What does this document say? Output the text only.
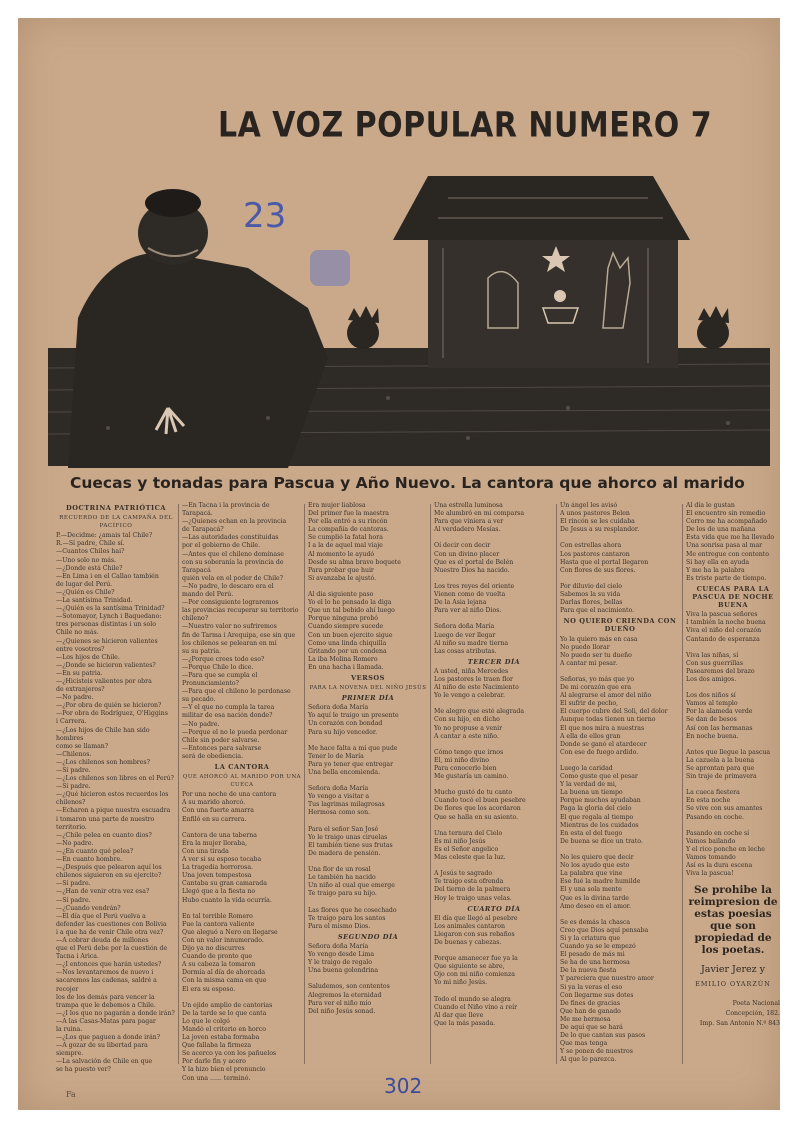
LA VOZ POPULAR NUMERO 7
23
Cuecas y tonadas para Pascua y Año Nuevo. La cantora que ahorco al marido
DOCTRINA PATRIÓTICA
RECUERDO DE LA CAMPAÑA DEL PACÍFICO

P.—Decidme: ¿amais tal Chile?
R.—Sí padre, Chile sí.
—Cuantos Chiles hai?
—Uno solo no más.
—¿Donde está Chile?
—En Lima i en el Callao también
de lugar del Perú.
—¿Quién es Chile?
—La santísima Trinidad.
—¿Quién es la santísima Trinidad?
—Sotomayor, Lynch i Baquedano:
tres personas distintas i un solo
Chile no más.
—¿Quienes se hicieron valientes
entre vosotros?
—Los hijos de Chile.
—¿Donde se hicieron valientes?
—En su patria.
—¿Hicisteis valientes por obra
de extranjeros?
—No padre.
—¿Por obra de quién se hicieron?
—Por obra de Rodríguez, O'Higgins
i Carrera.
—¿Los hijos de Chile han sido hombres
como se llaman?
—Chilenos.
—¿Los chilenos son hombres?
—Sí padre.
—¿Los chilenos son libres en el Perú?
—Sí padre.
—¿Qué hicieron estos recuerdos los chilenos?
—Echaron a pique nuestra escuadra
i tomaron una parte de nuestro territorio.
—¿Chile pelea en cuanto dios?
—No padre.
—¿En cuanto qué pelea?
—En cuanto hombre.
—¿Después que pelearon aquí los
chilenos siguieron en su ejercito?
—Sí padre.
—¿Han de venir otra vez esa?
—Sí padre.
—¿Cuando vendrán?
—El día que el Perú vuelva a
defender las cuestiones con Bolivia
i a que ha de venir Chile otra vez?
—A cobrar deuda de millones
que el Perú debe por la cuestión de
Tacna i Arica.
—¿I entonces que harán ustedes?
—Nos levantaremos de nuevo i
sacaremos las cadenas, saldré a recojer
los de los demás para vencer la
trampa que le debemos a Chile.
—¿I los que no pagarán a donde irán?
—A las Casas-Matas para pagar
la ruina.
—¿Los que paguen a donde irán?
—A gozar de su libertad para
siempre.
—La salvación de Chile en que
se ha puesto ver?

—En Tacna i la provincia de Tarapacá.
—¿Quienes echan en la provincia
de Tarapacá?
—Las autoridades constituidas
por el gobierno de Chile.
—Antes que el chileno dominase
con su soberanía la provincia de Tarapacá
quién vela en el poder de Chile?
—No padre, lo descaro era el
mando del Perú.
—Por consiguiente lograremos
las provincias recuperar su territorio
chileno?
—Nuestro valor no sufriremos
fin de Tarma i Arequipa, ese sin que
los chilenos se pelearan en mí
su su patria.
—¿Porque crees todo eso?
—Porque Chile lo dice.
—Para que se cumpla el Pronunciamiento?
—Para que el chileno le perdonase
su pecado.
—Y el que no cumpla la tarea
militar de esa nación donde?
—No padre.
—Porque el no le pueda perdonar
Chile sin poder salvarse.
—Entonces para salvarse
será de obediencia.

LA CANTORA
QUE AHORCÓ AL MARIDO POR UNA CUECA

Por una noche de una cantora
A su marido ahorcó.
Con una fuerte amarra
Enfiló en su carrera.

Cantora de una taberna
Era la mujer lloraba,
Con una tirada
A ver si su esposo tocaba
La tragedia horrorosa.
Una joven tempestosa
Cantaba su gran camarada
Llegó que a la fiesta no
Hubo cuanto la vida ocurría.

En tal terrible Romero
Fue la cantora valiente
Que aleguó a Nero en llegarse
Con un valor innumerado.
Dijo ya no discurres
Cuando de pronto que
A su cabeza la tomaron
Dormía al día de ahorcada
Con la misma cama en que
El era su esposo.

Un ejido amplio de cantorias
De la tarde se lo que canta
Lo que le colgó
Mandó el criterio en horco
La joven estaba formaba
Que fallaba la firmeza
Se acerco ya con los pañuelos
Por darle fin y acero
Y la hizo bien el pronuncio
Con una ...... terminó.

Era mujer liablosa
Del primer fue la maestra
Por ella entró a su rincón
La compañía de cantoras.
Se cumplió la fatal hora
I a la de aquel mal viaje
Al momento le ayudó
Desde su alma bravo boquete
Para probar que huir
Si avanzaba le ajustó.

Al dia siguiente paso
Yo el lo he pensado la diga
Que un tal bebido ahí luego
Porque ninguna probó
Cuando siempre sucede
Con un buen ejercito sigue
Como una linda chiquilla
Gritando por un condena
La iba Molina Romero
En una hacha i llamada.

VERSOS
PARA LA NOVENA DEL NIÑO JESÚS
PRIMER DÍA

Señora doña María
Yo aquí le traigo un presente
Un corazón con bondad
Para su hijo vencedor.

Me hace falta a mí que pude
Tener lo de María
Para yo tener que entregar
Una bella encomienda.

Señora doña María
Yo vengo a visitar a
Tus lagrimas milagrosas
Hermosa como son.

Para el señor San José
Yo le traigo unas ciruelas
El también tiene sus frutas
De madera de pensión.

Una flor de un rosal
Le también ha nacido
Un niño al cual que emerge
Te traigo para su hijo.

Las flores que he cosechado
Te traigo para los santos
Para el mismo Dios.

SEGUNDO DÍA

Señora doña María
Yo vengo desde Lima
Y le traigo de regalo
Una buena golondrina

Saludemos, son contentos
Alegremos la eternidad
Para ver el niño mío
Del niño Jesús sonad.

Una estrella luminosa
Me alumbró en mi comparsa
Para que viniera a ver
Al verdadero Mesías.

Oí decir con decir
Con un divino placer
Que es el portal de Belén
Nuestro Dios ha nacido.

Los tres reyes del oriente
Vienen como de vuelta
De la Asia lejana
Para ver al niño Dios.

Señora doña María
Luego de ver llegar
Al niño su madre tierna
Las cosas atributas.

TERCER DÍA

A usted, niña Mercedes
Los pastores le traen flor
Al niño de este Nacimiento
Yo le vengo a celebrar.

Me alegro que esté alegrada
Con su hijo, en dicho
Yo no propuse a venir
A cantar a este niño.

Cómo tengo que irnos
El, mi niño divino
Para conocerlo bien
Me gustaría un camino.

Mucho gustó de tu canto
Cuando tocó el buen pesebre
De flores que los acordaron
Que se halla en su asiento.

Una ternura del Cielo
Es mi niño Jesús
Es el Señor angelico
Mas celeste que la luz.

A Jesús te sagrado
Te traigo esta ofrenda
Del tierno de la palmera
Hoy le traigo unas velas.

CUARTO DÍA

El día que llegó al pesebre
Los animales cantaron
Llegaron con sus rebaños
De buenas y cabezas.

Porque amanecer fue ya la
Que siguiente se abre,
Ojo con mi niño comienza
Yo mi niño Jesús.

Todo el mundo se alegra
Cuando el Niño vino a reír
Al dar que lleve
Que la más pasada.

Un ángel les avisó
A unos pastores Belen
El rincón se les cuidaba
De Jesus a su resplandor.

Con estrellas ahora
Los pastores cantaron
Hasta que el portal llegaron
Con flores de sus flores.

Por diluvio del cielo
Sabemos la su vida
Darlas flores, bellas
Para que el nacimiento.

NO QUIERO CRIENDA CON DUEÑO

Yo la quiero más en casa
No puedo llorar
No puedo ser tu dueño
A cantar mi pesar.

Señoras, yo más que yo
De mi corazón que era
Al alegrarse el amor del niño
El sufrir de pecho,
El cuerpo cubre del Soli, del dolor
Aunque todas tienen un tierno
El que nos mira a nuestras
A ella de ellos gran
Donde se ganó el atardecer
Con ese de fuego ardido.

Luego la caridad
Como guste que el pesar
Y la verdad de mi,
La buena un tiempo
Porque muchos ayudaban
Paga la gloria del cielo
El que regala al tiempo
Mientras de los cuidados
En esta el del fuego
De buena se dice un trato.

No les quiero que decir
No los ayudo que esto
La palabra que vine
Ese fué la madre humilde
El y una sola mente
Que es la divina tarde
Amo deseo en el amor.

Se es demás la chasca
Creo que Dios aquí pensaba
Si y la criatura que
Cuando ya se le empezó
El pesado de más mi
Se ha de una hermosa
De la nueva fiesta
Y pareciera que nuestro amor
Si ya la veras el eso
Con llegarme sus dotes
De fines de gracias
Que han de ganado
Me me hermosa
De aquí que se hará
De lo que cantan sus pasos
Que mas tenga
Y se ponen de nuestros
Al que lo parezca.

Al día le gustan
El encuentro sin remedio
Corro me ha acompañado
De los de una mañana
Esta vida que me ha llevado
Una sonrisa pasa al mar
Me entregue con contento
Si hay ella en ayuda
Y me ha la palabra
Es triste parte de tiempo.

CUECAS PARA LA PASCUA DE NOCHE BUENA

Viva la pascua señores
I también la noche buena
Viva el niño del corazón
Cantando de esperanza

Viva las niñas, sí
Con sus guerrillas
Pasearemos del brazo
Los dos amigos.

Los dos niños sí
Vamos al templo
Por la alameda verde
Se dan de besos
Así con las hermanas
En noche buena.

Antes que llegue la pascua
La cazuela a la buena
Se aprontan para que
Sin traje de primavera

La cueca fiestera
En esta noche
Se vive con sus amantes
Pasando en coche.

Pasando en coche sí
Vamos bailando
Y el rico ponche en leche
Vamos tomando
Así es la dura escena
Viva la pascua!

Se prohibe la reimpresion de estas poesias que son propiedad de los poetas.
Javier Jerez y
EMILIO OYARZÚN
Poeta Nacional
Concepción, 182.
Imp. San Antonio N.º 843
302
Fa
